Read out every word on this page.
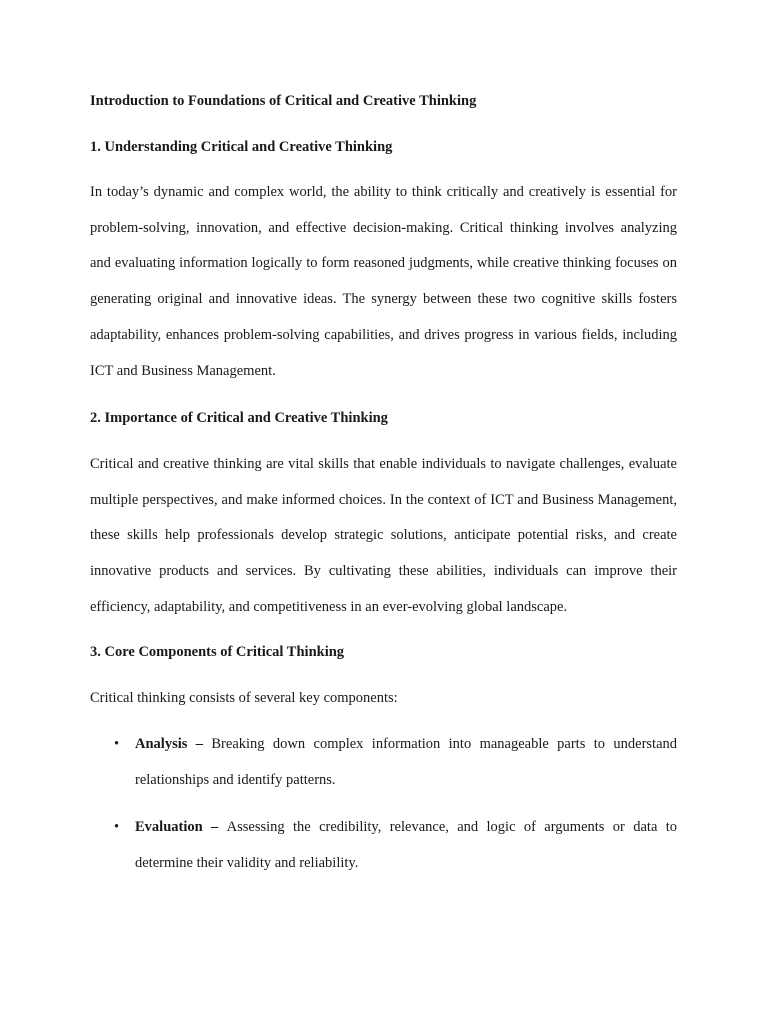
Introduction to Foundations of Critical and Creative Thinking

1. Understanding Critical and Creative Thinking

In today’s dynamic and complex world, the ability to think critically and creatively is essential for problem-solving, innovation, and effective decision-making. Critical thinking involves analyzing and evaluating information logically to form reasoned judgments, while creative thinking focuses on generating original and innovative ideas. The synergy between these two cognitive skills fosters adaptability, enhances problem-solving capabilities, and drives progress in various fields, including ICT and Business Management.

2. Importance of Critical and Creative Thinking

Critical and creative thinking are vital skills that enable individuals to navigate challenges, evaluate multiple perspectives, and make informed choices. In the context of ICT and Business Management, these skills help professionals develop strategic solutions, anticipate potential risks, and create innovative products and services. By cultivating these abilities, individuals can improve their efficiency, adaptability, and competitiveness in an ever-evolving global landscape.

3. Core Components of Critical Thinking

Critical thinking consists of several key components:

• Analysis – Breaking down complex information into manageable parts to understand relationships and identify patterns.
• Evaluation – Assessing the credibility, relevance, and logic of arguments or data to determine their validity and reliability.
